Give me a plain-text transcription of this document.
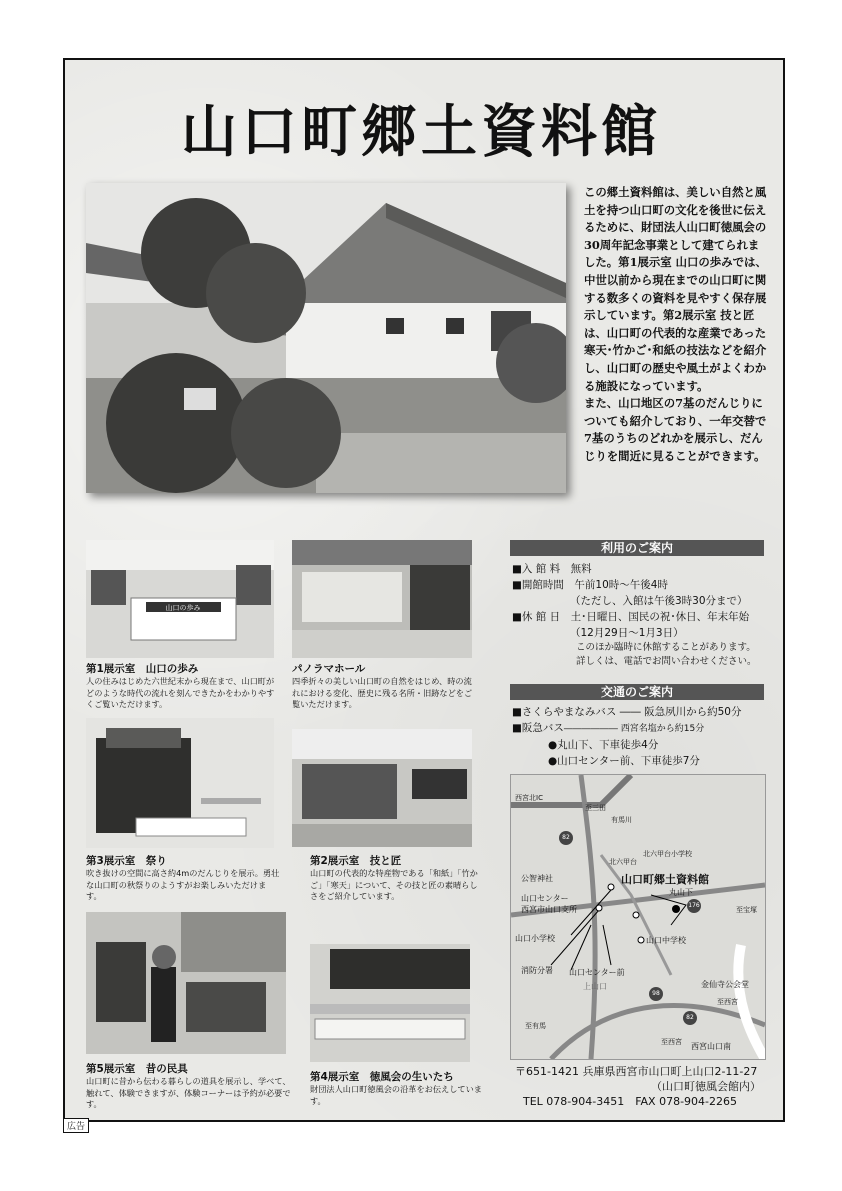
山口町郷土資料館

この郷土資料館は、美しい自然と風土を持つ山口町の文化を後世に伝えるために、財団法人山口町徳風会の30周年記念事業として建てられました。第1展示室 山口の歩みでは、中世以前から現在までの山口町に関する数多くの資料を見やすく保存展示しています。第2展示室 技と匠は、山口町の代表的な産業であった寒天･竹かご･和紙の技法などを紹介し、山口町の歴史や風土がよくわかる施設になっています。

また、山口地区の7基のだんじりについても紹介しており、一年交替で7基のうちのどれかを展示し、だんじりを間近に見ることができます。

山口の歩み
第1展示室　山口の歩み
人の住みはじめた六世紀末から現在まで、山口町がどのような時代の流れを刻んできたかをわかりやすくご覧いただけます。
パノラマホール
四季折々の美しい山口町の自然をはじめ、時の流れにおける変化、歴史に残る名所・旧跡などをご覧いただけます。
第3展示室　祭り
吹き抜けの空間に高さ約4mのだんじりを展示。勇壮な山口町の秋祭りのようすがお楽しみいただけます。
第2展示室　技と匠
山口町の代表的な特産物である「和紙」「竹かご」「寒天」について、その技と匠の素晴らしさをご紹介しています。
第5展示室　昔の民具
山口町に昔から伝わる暮らしの道具を展示し、学べて、触れて、体験できますが、体験コーナーは予約が必要です。
第4展示室　徳風会の生いたち
財団法人山口町徳風会の沿革をお伝えしています。
利用のご案内
■入 館 料　 無料
■開館時間　 午前10時～午後4時
（ただし、入館は午後3時30分まで）
■休 館 日　 土･日曜日、国民の祝･休日、年末年始
（12月29日～1月3日）
このほか臨時に休館することがあります。
詳しくは、電話でお問い合わせください。
交通のご案内
■さくらやまなみバス ―― 阪急夙川から約50分
■阪急バス―――――― 西宮名塩から約15分
●丸山下、下車徒歩4分
●山口センター前、下車徒歩7分
山口町郷土資料館
西宮北IC
至三田
有馬川
北六甲台小学校
北六甲台
公智神社
山口センター
西宮市山口支所
丸山下
山口中学校
山口小学校
消防分署 山口センター前
上山口	金仙寺公会堂
至宝塚
至西宮
至有馬
至西宮 西宮山口南
82
176
98
82
〒651-1421 兵庫県西宮市山口町上山口2-11-27
（山口町徳風会館内）
TEL 078-904-3451　FAX 078-904-2265
広告
